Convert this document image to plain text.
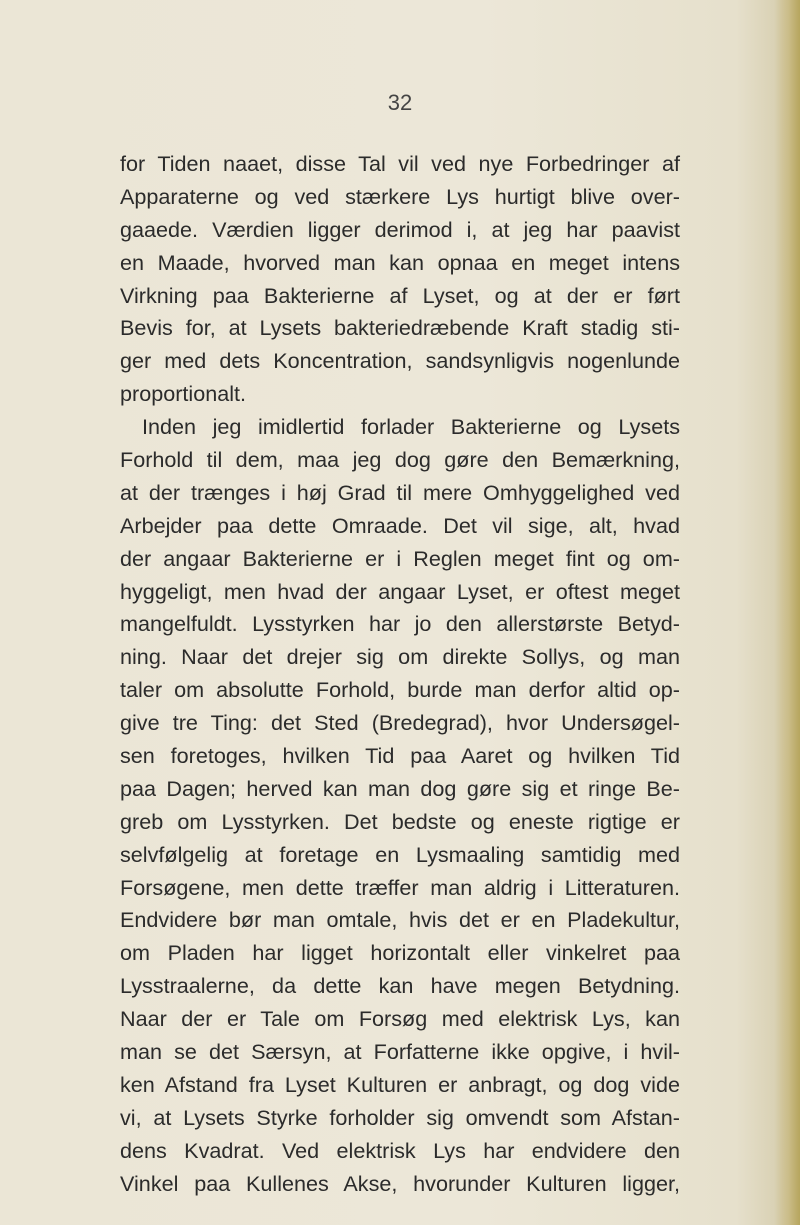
32
for Tiden naaet, disse Tal vil ved nye Forbedringer af
Apparaterne og ved stærkere Lys hurtigt blive over-
gaaede. Værdien ligger derimod i, at jeg har paavist
en Maade, hvorved man kan opnaa en meget intens
Virkning paa Bakterierne af Lyset, og at der er ført
Bevis for, at Lysets bakteriedræbende Kraft stadig sti-
ger med dets Koncentration, sandsynligvis nogenlunde
proportionalt.
Inden jeg imidlertid forlader Bakterierne og Lysets
Forhold til dem, maa jeg dog gøre den Bemærkning,
at der trænges i høj Grad til mere Omhyggelighed ved
Arbejder paa dette Omraade. Det vil sige, alt, hvad
der angaar Bakterierne er i Reglen meget fint og om-
hyggeligt, men hvad der angaar Lyset, er oftest meget
mangelfuldt. Lysstyrken har jo den allerstørste Betyd-
ning. Naar det drejer sig om direkte Sollys, og man
taler om absolutte Forhold, burde man derfor altid op-
give tre Ting: det Sted (Bredegrad), hvor Undersøgel-
sen foretoges, hvilken Tid paa Aaret og hvilken Tid
paa Dagen; herved kan man dog gøre sig et ringe Be-
greb om Lysstyrken. Det bedste og eneste rigtige er
selvfølgelig at foretage en Lysmaaling samtidig med
Forsøgene, men dette træffer man aldrig i Litteraturen.
Endvidere bør man omtale, hvis det er en Pladekultur,
om Pladen har ligget horizontalt eller vinkelret paa
Lysstraalerne, da dette kan have megen Betydning.
Naar der er Tale om Forsøg med elektrisk Lys, kan
man se det Særsyn, at Forfatterne ikke opgive, i hvil-
ken Afstand fra Lyset Kulturen er anbragt, og dog vide
vi, at Lysets Styrke forholder sig omvendt som Afstan-
dens Kvadrat. Ved elektrisk Lys har endvidere den
Vinkel paa Kullenes Akse, hvorunder Kulturen ligger,
